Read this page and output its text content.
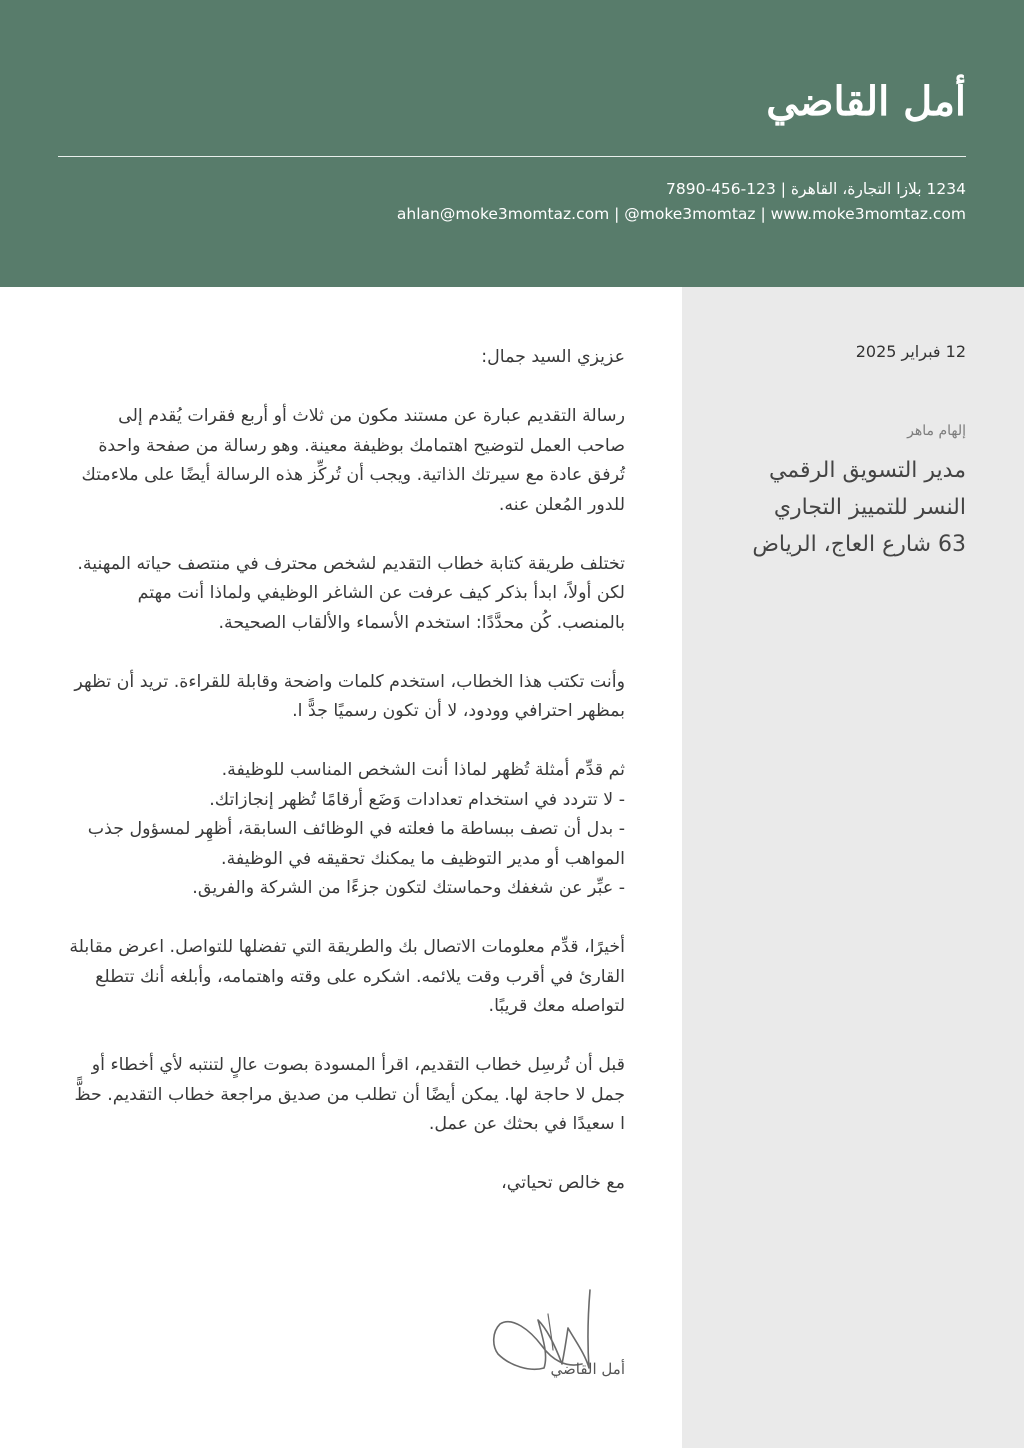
أمل القاضي
1234 بلازا التجارة، القاهرة | 123-456-7890
ahlan@moke3momtaz.com | @moke3momtaz | www.moke3momtaz.com
12 فبراير 2025
إلهام ماهر
مدير التسويق الرقمي
النسر للتمييز التجاري
63 شارع العاج، الرياض

عزيزي السيد جمال:

رسالة التقديم عبارة عن مستند مكون من ثلاث أو أربع فقرات يُقدم إلى صاحب العمل لتوضيح اهتمامك بوظيفة معينة. وهو رسالة من صفحة واحدة تُرفق عادة مع سيرتك الذاتية. ويجب أن تُركِّز هذه الرسالة أيضًا على ملاءمتك للدور المُعلن عنه.

تختلف طريقة كتابة خطاب التقديم لشخص محترف في منتصف حياته المهنية. لكن أولاً، ابدأ بذكر كيف عرفت عن الشاغر الوظيفي ولماذا أنت مهتم بالمنصب. كُن محدَّدًا: استخدم الأسماء والألقاب الصحيحة.

وأنت تكتب هذا الخطاب، استخدم كلمات واضحة وقابلة للقراءة. تريد أن تظهر بمظهر احترافي وودود، لا أن تكون رسميًا جدًّ ا.

ثم قدِّم أمثلة تُظهر لماذا أنت الشخص المناسب للوظيفة.
- لا تتردد في استخدام تعدادات وَضَع أرقامًا تُظهر إنجازاتك.
- بدل أن تصف ببساطة ما فعلته في الوظائف السابقة، أظهِر لمسؤول جذب المواهب أو مدير التوظيف ما يمكنك تحقيقه في الوظيفة.
- عبِّر عن شغفك وحماستك لتكون جزءًا من الشركة والفريق.

أخيرًا، قدِّم معلومات الاتصال بك والطريقة التي تفضلها للتواصل. اعرض مقابلة القارئ في أقرب وقت يلائمه. اشكره على وقته واهتمامه، وأبلغه أنك تتطلع لتواصله معك قريبًا.

قبل أن تُرسِل خطاب التقديم، اقرأ المسودة بصوت عالٍ لتنتبه لأي أخطاء أو جمل لا حاجة لها. يمكن أيضًا أن تطلب من صديق مراجعة خطاب التقديم. حظًّ ا سعيدًا في بحثك عن عمل.

مع خالص تحياتي،

أمل القاضي
